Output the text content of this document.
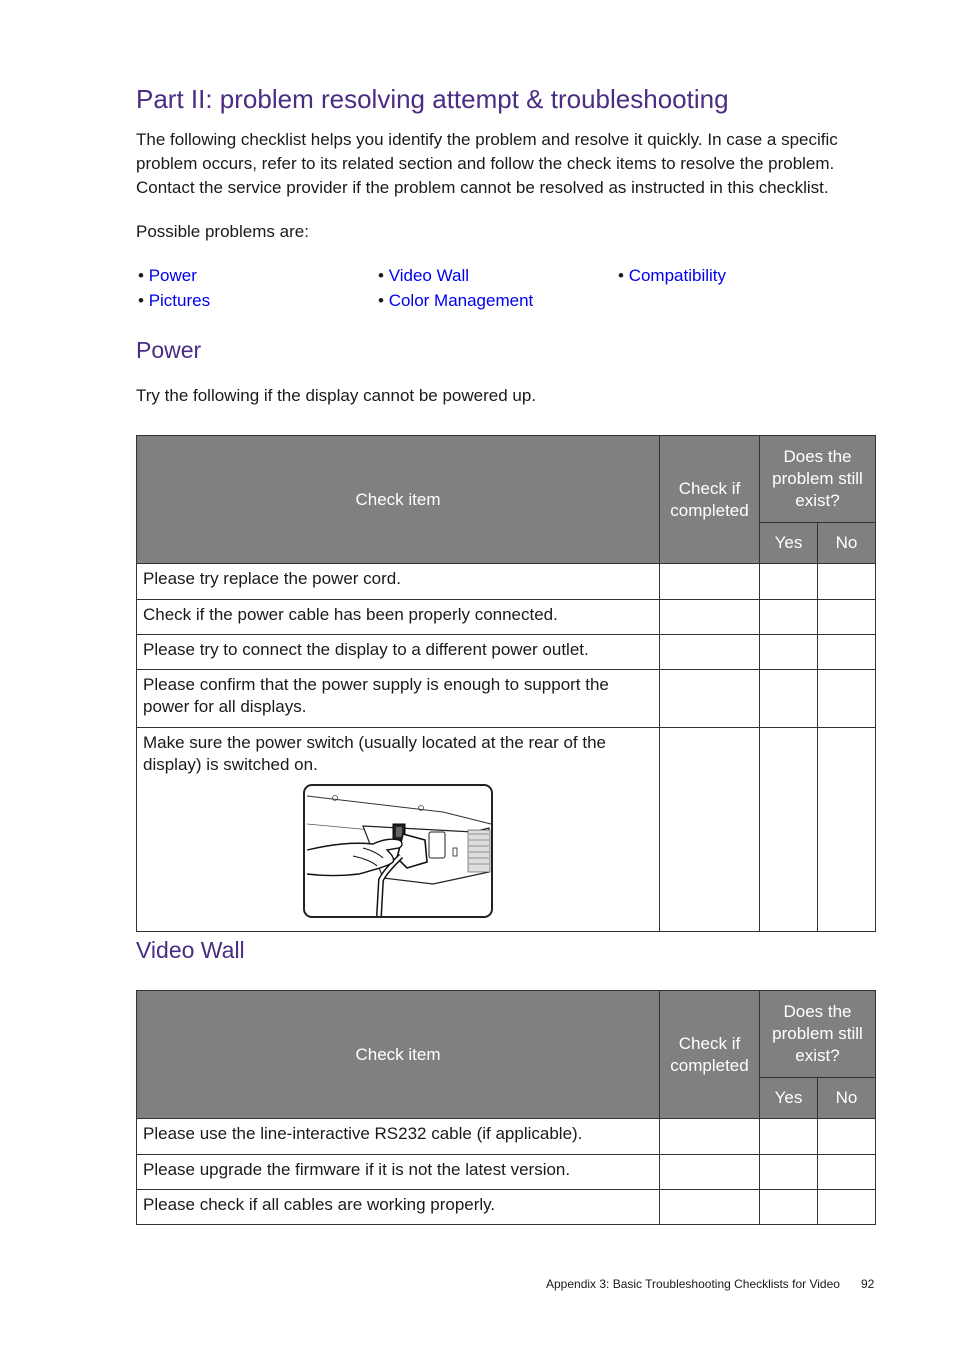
Part II: problem resolving attempt & troubleshooting
The following checklist helps you identify the problem and resolve it quickly. In case a specific problem occurs, refer to its related section and follow the check items to resolve the problem. Contact the service provider if the problem cannot be resolved as instructed in this checklist.
Possible problems are:
• Power	• Video Wall	• Compatibility
• Pictures	• Color Management
Power
Try the following if the display cannot be powered up.
Check item	Check if completed	Does the problem still exist?	

		Yes	No
Please try replace the power cord.			
Check if the power cable has been properly connected.			
Please try to connect the display to a different power outlet.			
Please confirm that the power supply is enough to support the power for all displays.			

Make sure the power switch (usually located at the rear of the display) is switched on.			

Video Wall
Check item	Check if completed	Does the problem still exist?	

		Yes	No
Please use the line-interactive RS232 cable (if applicable).			
Please upgrade the firmware if it is not the latest version.			
Please check if all cables are working properly.			
Appendix 3: Basic Troubleshooting Checklists for Video 92
